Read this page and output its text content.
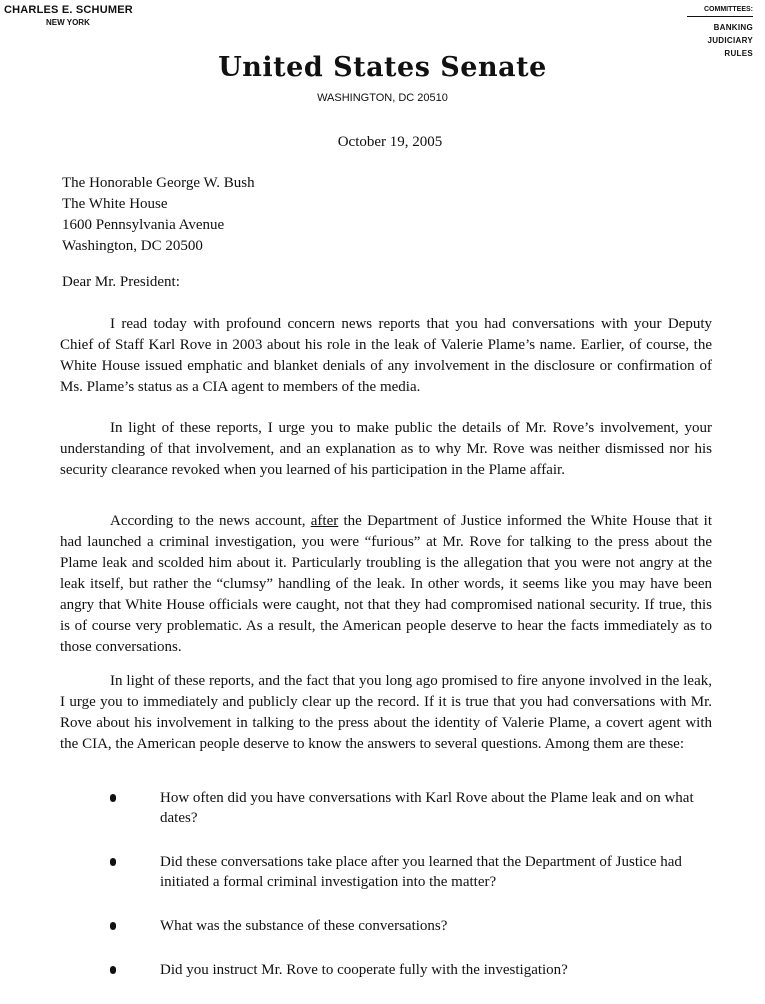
CHARLES E. SCHUMER
NEW YORK
COMMITTEES:
BANKING
JUDICIARY
RULES
United States Senate
WASHINGTON, DC 20510
October 19, 2005
The Honorable George W. Bush
The White House
1600 Pennsylvania Avenue
Washington, DC 20500
Dear Mr. President:

I read today with profound concern news reports that you had conversations with your Deputy Chief of Staff Karl Rove in 2003 about his role in the leak of Valerie Plame’s name. Earlier, of course, the White House issued emphatic and blanket denials of any involvement in the disclosure or confirmation of Ms. Plame’s status as a CIA agent to members of the media.

In light of these reports, I urge you to make public the details of Mr. Rove’s involvement, your understanding of that involvement, and an explanation as to why Mr. Rove was neither dismissed nor his security clearance revoked when you learned of his participation in the Plame affair.

According to the news account, after the Department of Justice informed the White House that it had launched a criminal investigation, you were “furious” at Mr. Rove for talking to the press about the Plame leak and scolded him about it. Particularly troubling is the allegation that you were not angry at the leak itself, but rather the “clumsy” handling of the leak. In other words, it seems like you may have been angry that White House officials were caught, not that they had compromised national security. If true, this is of course very problematic. As a result, the American people deserve to hear the facts immediately as to those conversations.

In light of these reports, and the fact that you long ago promised to fire anyone involved in the leak, I urge you to immediately and publicly clear up the record. If it is true that you had conversations with Mr. Rove about his involvement in talking to the press about the identity of Valerie Plame, a covert agent with the CIA, the American people deserve to know the answers to several questions. Among them are these:

How often did you have conversations with Karl Rove about the Plame leak and on what dates?
Did these conversations take place after you learned that the Department of Justice had initiated a formal criminal investigation into the matter?
What was the substance of these conversations?
Did you instruct Mr. Rove to cooperate fully with the investigation?
